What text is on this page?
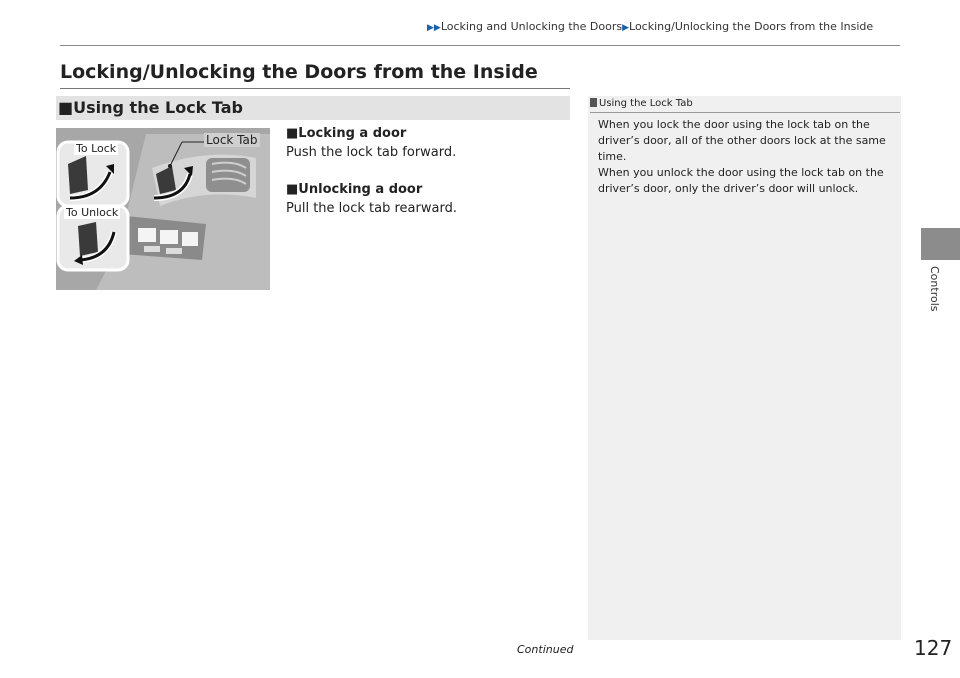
▶▶Locking and Unlocking the Doors▶Locking/Unlocking the Doors from the Inside
Locking/Unlocking the Doors from the Inside
■Using the Lock Tab
Lock Tab
To Lock
To Unlock
■Locking a door
Push the lock tab forward.
■Unlocking a door
Pull the lock tab rearward.
Using the Lock Tab
When you lock the door using the lock tab on the
driver’s door, all of the other doors lock at the same
time.
When you unlock the door using the lock tab on the
driver’s door, only the driver’s door will unlock.
Controls
Continued	127
